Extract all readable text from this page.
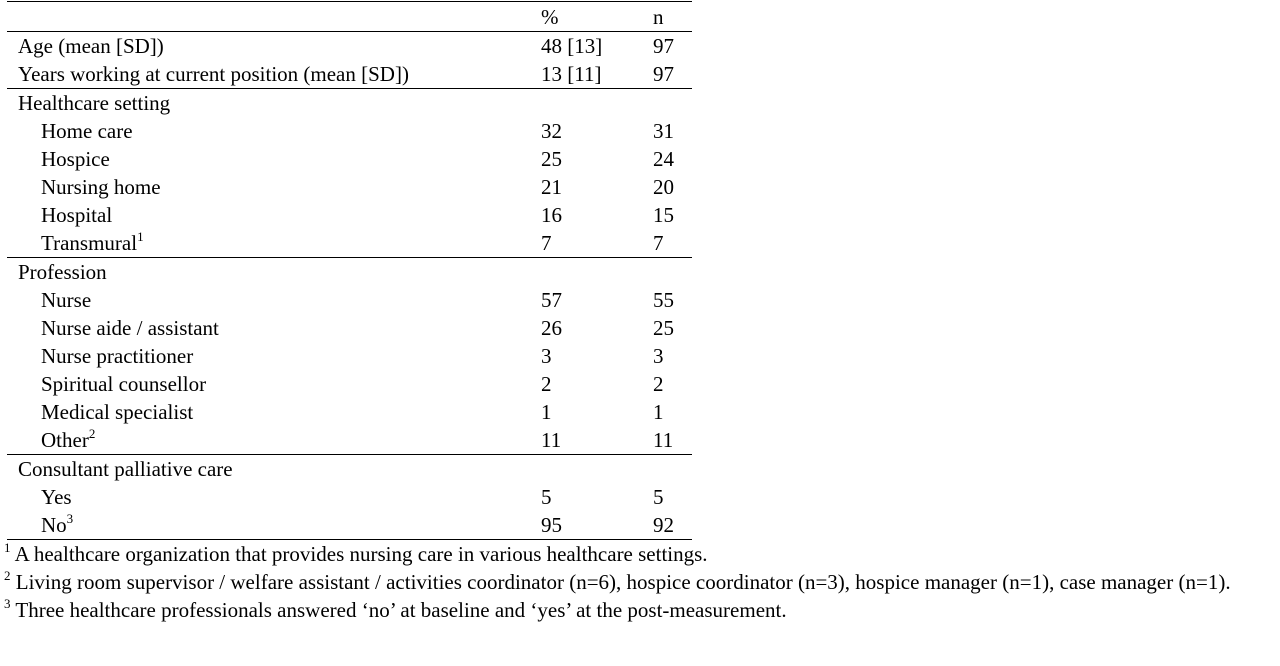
	%	n
Age (mean [SD])	48 [13]	97
Years working at current position (mean [SD])	13 [11]	97
Healthcare setting		
Home care	32	31
Hospice	25	24
Nursing home	21	20
Hospital	16	15
Transmural$^1$	7	7
Profession		
Nurse	57	55
Nurse aide / assistant	26	25
Nurse practitioner	3	3
Spiritual counsellor	2	2
Medical specialist	1	1
Other$^2$	11	11
Consultant palliative care		
Yes	5	5
No$^3$	95	92

$^1$ A healthcare organization that provides nursing care in various healthcare settings.

$^2$ Living room supervisor / welfare assistant / activities coordinator (n=6), hospice coordinator (n=3), hospice manager (n=1), case manager (n=1).

$^3$ Three healthcare professionals answered ‘no’ at baseline and ‘yes’ at the post-measurement.
